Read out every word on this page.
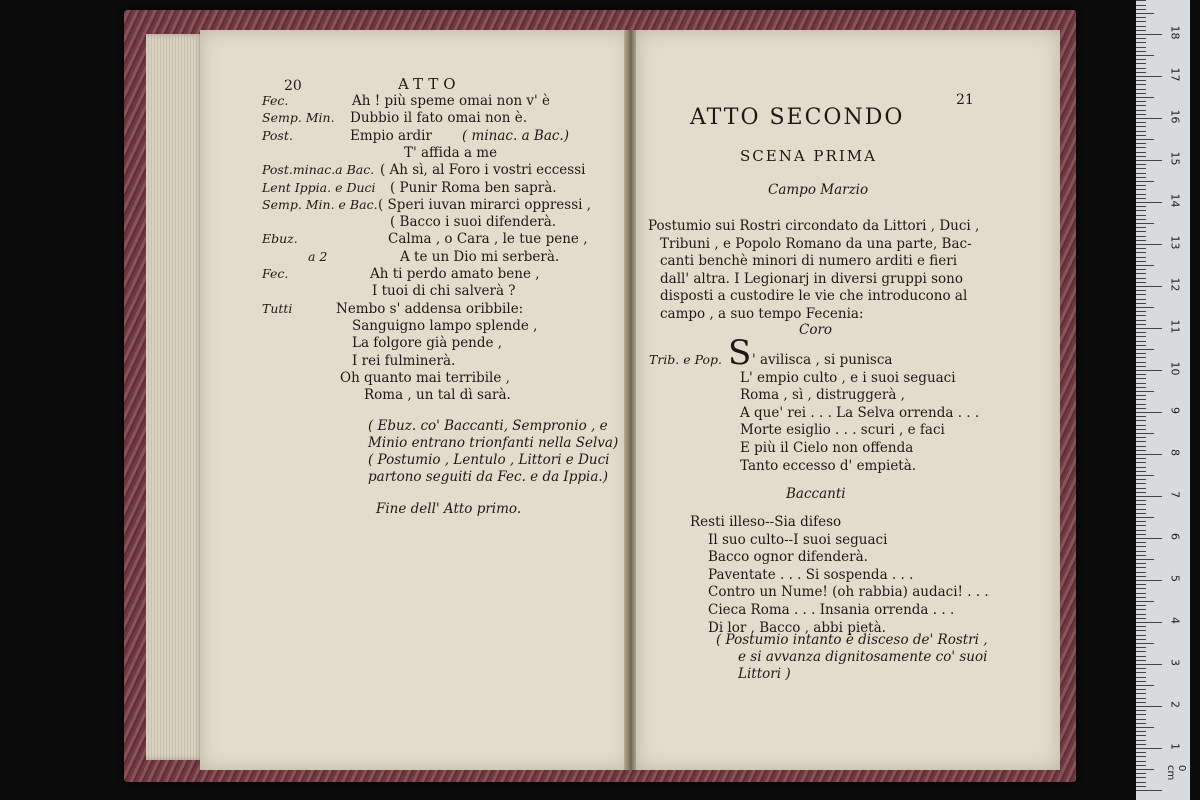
20	ATTO
Fec.	Ah ! più speme omai non v' è
Semp. Min. Dubbio il fato omai non è.
Post.	Empio ardir ( minac. a Bac.)
T' affida a me
Post.minac.a Bac. ( Ah sì, al Foro i vostri eccessi
Lent Ippia. e Duci ( Punir Roma ben saprà.
Semp. Min. e Bac. ( Speri iuvan mirarci oppressi ,
( Bacco i suoi difenderà.
Ebuz.	Calma , o Cara , le tue pene ,
a 2	A te un Dio mi serberà.
Fec.	Ah ti perdo amato bene ,
I tuoi di chi salverà ?
Tutti	Nembo s' addensa oribbile:
Sanguigno lampo splende ,
La folgore già pende ,
I rei fulminerà.
Oh quanto mai terribile ,
Roma , un tal dì sarà.
( Ebuz. co' Baccanti, Sempronio , e
Minio entrano trionfanti nella Selva)
( Postumio , Lentulo , Littori e Duci
partono seguiti da Fec. e da Ippia.)
Fine dell' Atto primo.
21
ATTO SECONDO
SCENA PRIMA
Campo Marzio
Postumio sui Rostri circondato da Littori , Duci ,
Tribuni , e Popolo Romano da una parte, Bac-
canti benchè minori di numero arditi e fieri
dall' altra. I Legionarj in diversi gruppi sono
disposti a custodire le vie che introducono al
campo , a suo tempo Fecenia:
Coro
Trib. e Pop. S ' avilisca , si punisca
L' empio culto , e i suoi seguaci
Roma , sì , distruggerà ,
A que' rei . . . La Selva orrenda . . .
Morte esiglio . . . scuri , e faci
E più il Cielo non offenda
Tanto eccesso d' empietà.
Baccanti
Resti illeso--Sia difeso
Il suo culto--I suoi seguaci
Bacco ognor difenderà.
Paventate . . . Si sospenda . . .
Contro un Nume! (oh rabbia) audaci! . . .
Cieca Roma . . . Insania orrenda . . .
Di lor , Bacco , abbi pietà.
( Postumio intanto è disceso de' Rostri ,
e si avvanza dignitosamente co' suoi
Littori )
0 cm
18
17
16
15
14
13
12
11
10
9
8
7
6
5
4
3
2
1
